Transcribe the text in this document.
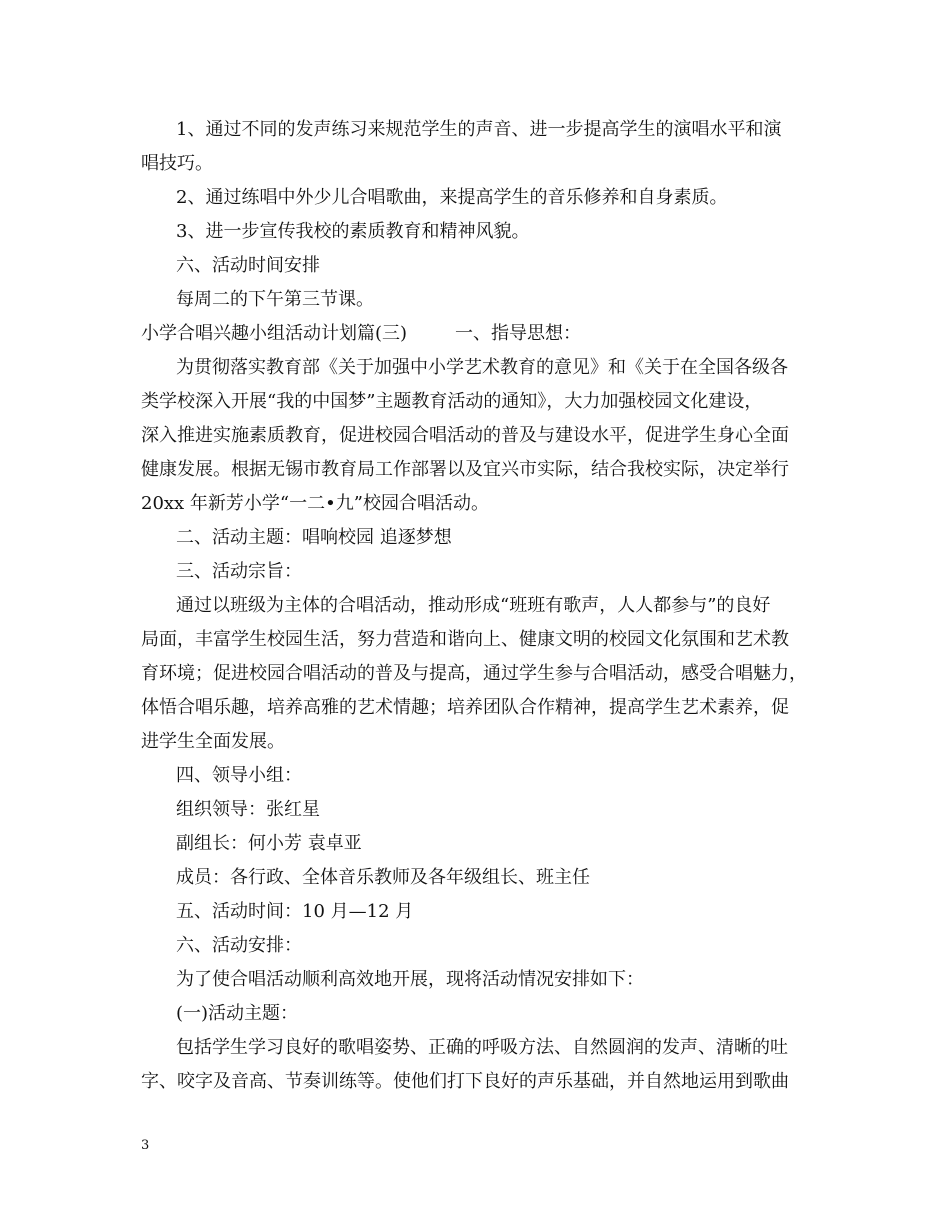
1、通过不同的发声练习来规范学生的声音、进一步提高学生的演唱水平和演
唱技巧。
2、通过练唱中外少儿合唱歌曲，来提高学生的音乐修养和自身素质。
3、进一步宣传我校的素质教育和精神风貌。
六、活动时间安排
每周二的下午第三节课。
小学合唱兴趣小组活动计划篇(三)	一、指导思想：
为贯彻落实教育部《关于加强中小学艺术教育的意见》和《关于在全国各级各
类学校深入开展“我的中国梦”主题教育活动的通知》，大力加强校园文化建设，
深入推进实施素质教育，促进校园合唱活动的普及与建设水平，促进学生身心全面
健康发展。根据无锡市教育局工作部署以及宜兴市实际，结合我校实际，决定举行
20xx 年新芳小学“一二•九”校园合唱活动。
二、活动主题：唱响校园 追逐梦想
三、活动宗旨：
通过以班级为主体的合唱活动，推动形成“班班有歌声，人人都参与”的良好
局面，丰富学生校园生活，努力营造和谐向上、健康文明的校园文化氛围和艺术教
育环境；促进校园合唱活动的普及与提高，通过学生参与合唱活动，感受合唱魅力，
体悟合唱乐趣，培养高雅的艺术情趣；培养团队合作精神，提高学生艺术素养，促
进学生全面发展。
四、领导小组：
组织领导：张红星
副组长：何小芳 袁卓亚
成员：各行政、全体音乐教师及各年级组长、班主任
五、活动时间：10 月—12 月
六、活动安排：
为了使合唱活动顺利高效地开展，现将活动情况安排如下：
(一)活动主题：
包括学生学习良好的歌唱姿势、正确的呼吸方法、自然圆润的发声、清晰的吐
字、咬字及音高、节奏训练等。使他们打下良好的声乐基础，并自然地运用到歌曲
3
